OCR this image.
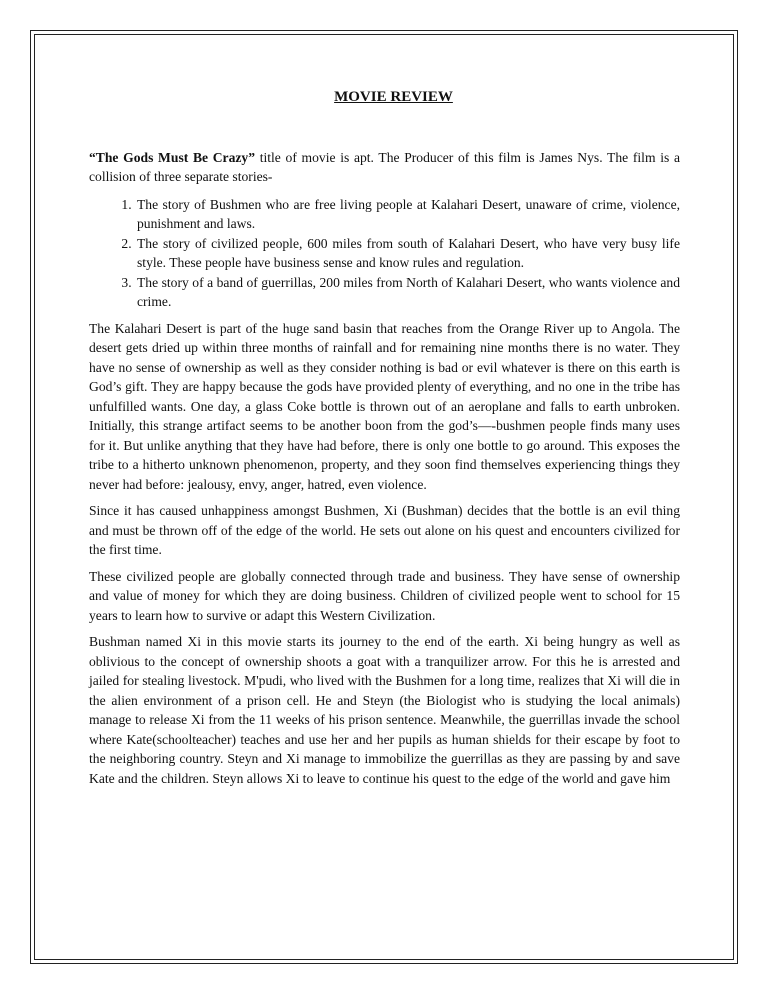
MOVIE REVIEW

“The Gods Must Be Crazy” title of movie is apt. The Producer of this film is James Nys. The film is a collision of three separate stories-

1. The story of Bushmen who are free living people at Kalahari Desert, unaware of crime, violence, punishment and laws.
2. The story of civilized people, 600 miles from south of Kalahari Desert, who have very busy life style. These people have business sense and know rules and regulation.
3. The story of a band of guerrillas, 200 miles from North of Kalahari Desert, who wants violence and crime.

The Kalahari Desert is part of the huge sand basin that reaches from the Orange River up to Angola. The desert gets dried up within three months of rainfall and for remaining nine months there is no water. They have no sense of ownership as well as they consider nothing is bad or evil whatever is there on this earth is God’s gift. They are happy because the gods have provided plenty of everything, and no one in the tribe has unfulfilled wants. One day, a glass Coke bottle is thrown out of an aeroplane and falls to earth unbroken. Initially, this strange artifact seems to be another boon from the god’s—-bushmen people finds many uses for it. But unlike anything that they have had before, there is only one bottle to go around. This exposes the tribe to a hitherto unknown phenomenon, property, and they soon find themselves experiencing things they never had before: jealousy, envy, anger, hatred, even violence.

Since it has caused unhappiness amongst Bushmen, Xi (Bushman) decides that the bottle is an evil thing and must be thrown off of the edge of the world. He sets out alone on his quest and encounters civilized for the first time.

These civilized people are globally connected through trade and business. They have sense of ownership and value of money for which they are doing business. Children of civilized people went to school for 15 years to learn how to survive or adapt this Western Civilization.

Bushman named Xi in this movie starts its journey to the end of the earth. Xi being hungry as well as oblivious to the concept of ownership shoots a goat with a tranquilizer arrow. For this he is arrested and jailed for stealing livestock. M'pudi, who lived with the Bushmen for a long time, realizes that Xi will die in the alien environment of a prison cell. He and Steyn (the Biologist who is studying the local animals) manage to release Xi from the 11 weeks of his prison sentence. Meanwhile, the guerrillas invade the school where Kate(schoolteacher) teaches and use her and her pupils as human shields for their escape by foot to the neighboring country. Steyn and Xi manage to immobilize the guerrillas as they are passing by and save Kate and the children. Steyn allows Xi to leave to continue his quest to the edge of the world and gave him
